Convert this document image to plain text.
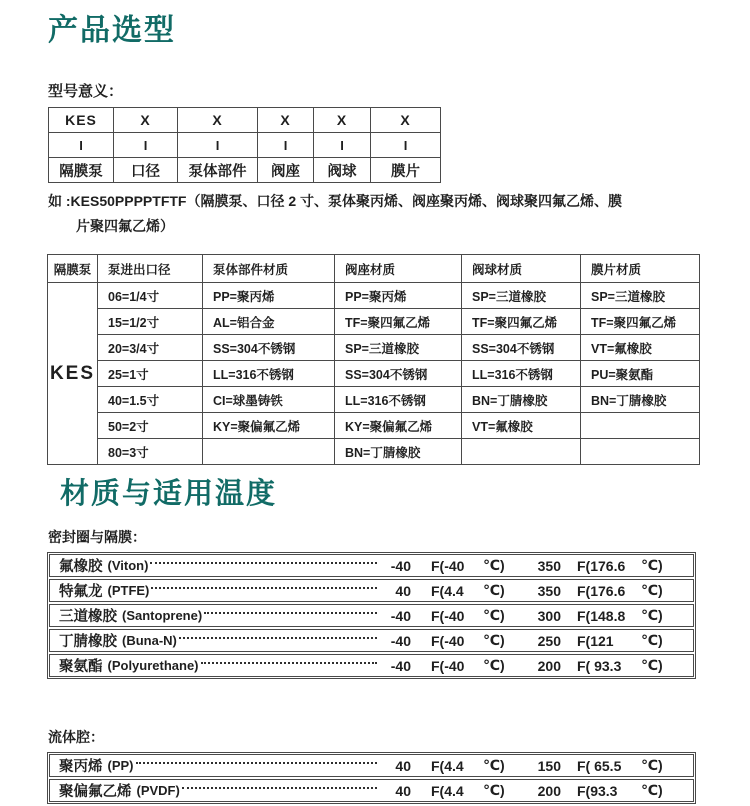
产品选型
型号意义：
KES	X	X	X	X	X
I	I	I	I	I	I
隔膜泵	口径	泵体部件	阀座	阀球	膜片
如 :KES50PPPPTFTF（隔膜泵、口径 2 寸、泵体聚丙烯、阀座聚丙烯、阀球聚四氟乙烯、膜
片聚四氟乙烯）
隔膜泵	泵进出口径	泵体部件材质	阀座材质	阀球材质	膜片材质
KES	06=1/4寸	PP=聚丙烯	PP=聚丙烯	SP=三道橡胶	SP=三道橡胶
	15=1/2寸	AL=铝合金	TF=聚四氟乙烯	TF=聚四氟乙烯	TF=聚四氟乙烯
	20=3/4寸	SS=304不锈钢	SP=三道橡胶	SS=304不锈钢	VT=氟橡胶
	25=1寸	LL=316不锈钢	SS=304不锈钢	LL=316不锈钢	PU=聚氨酯
	40=1.5寸	CI=球墨铸铁	LL=316不锈钢	BN=丁腈橡胶	BN=丁腈橡胶
	50=2寸	KY=聚偏氟乙烯	KY=聚偏氟乙烯	VT=氟橡胶	
	80=3寸		BN=丁腈橡胶		
材质与适用温度
密封圈与隔膜：
氟橡胶 (Viton)	-40 F(-40	℃)	350 F(176.6	℃)
特氟龙 (PTFE)	40 F(4.4	℃)	350 F(176.6	℃)
三道橡胶 (Santoprene)	-40 F(-40	℃)	300 F(148.8	℃)
丁腈橡胶 (Buna-N)	-40 F(-40	℃)	250 F(121	℃)
聚氨酯 (Polyurethane)	-40 F(-40	℃)	200 F( 93.3	℃)
流体腔：
聚丙烯 (PP)	40 F(4.4	℃)	150 F( 65.5	℃)
聚偏氟乙烯 (PVDF)	40 F(4.4	℃)	200 F(93.3	℃)
